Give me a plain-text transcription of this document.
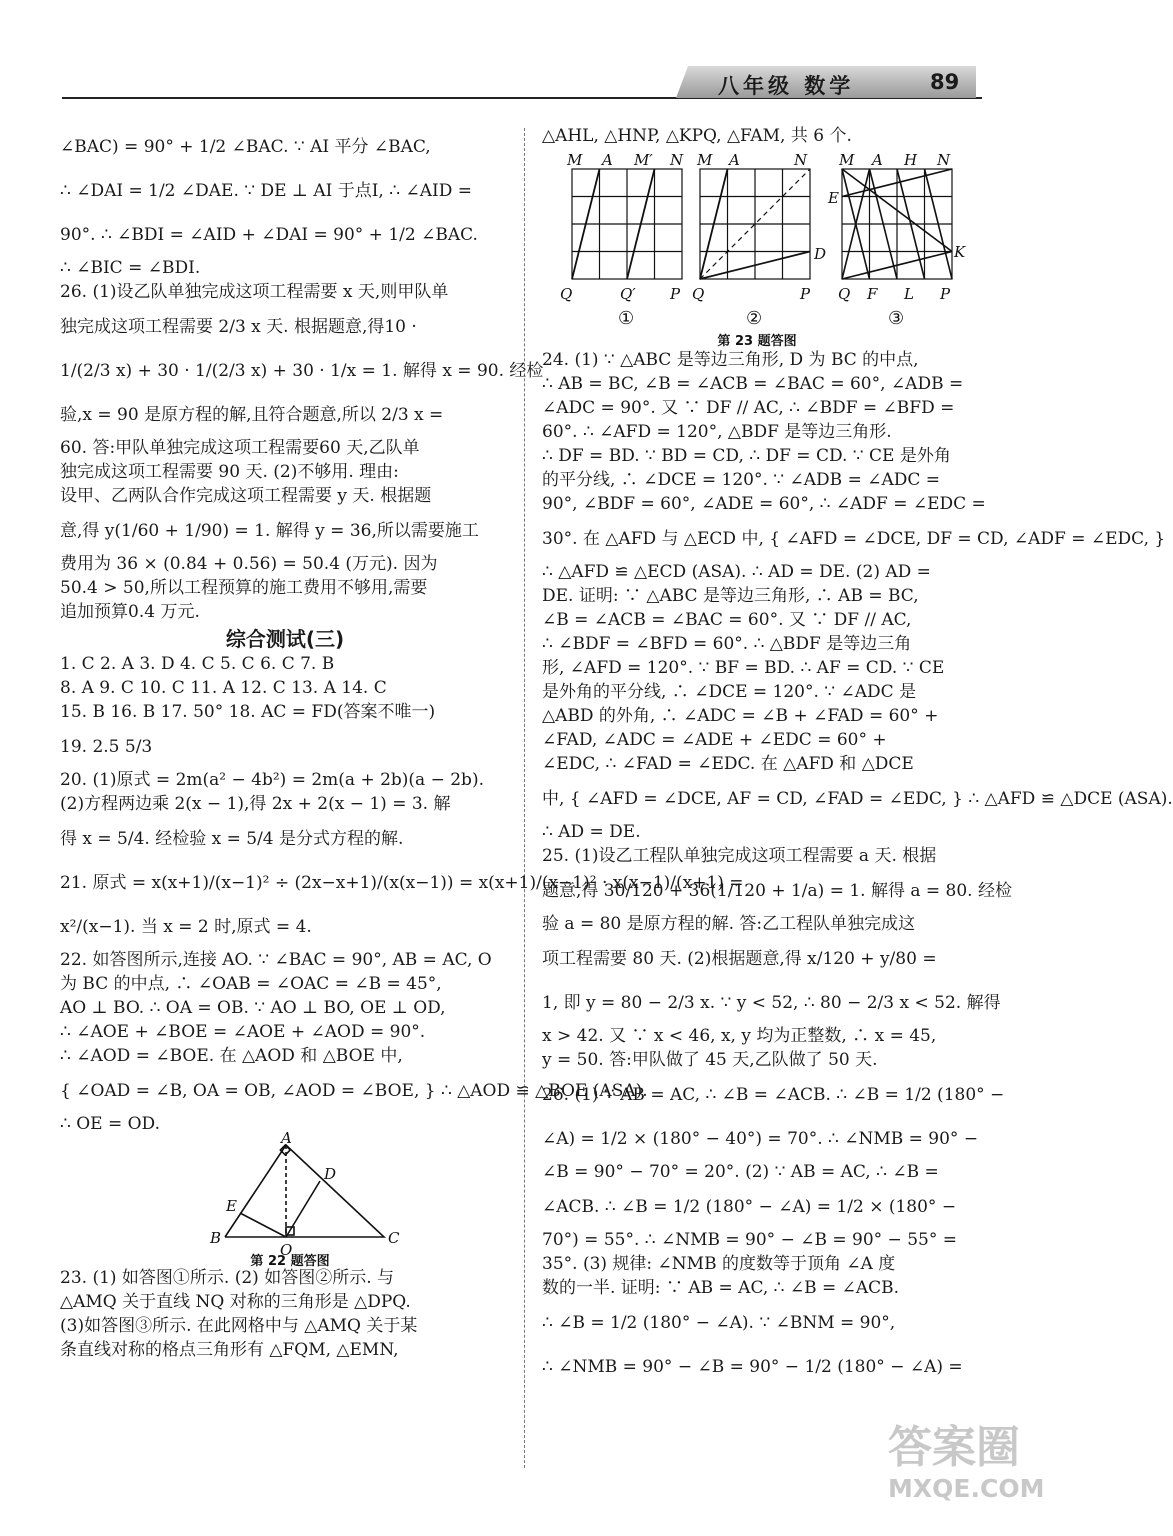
八年级 数学	89
∠BAC) = 90° + 1/2 ∠BAC. ∵ AI 平分 ∠BAC,
∴ ∠DAI = 1/2 ∠DAE. ∵ DE ⊥ AI 于点I, ∴ ∠AID =
90°. ∴ ∠BDI = ∠AID + ∠DAI = 90° + 1/2 ∠BAC.
∴ ∠BIC = ∠BDI.
26. (1)设乙队单独完成这项工程需要 x 天,则甲队单
独完成这项工程需要 2/3 x 天. 根据题意,得10 ·
1/(2/3 x) + 30 · 1/(2/3 x) + 30 · 1/x = 1. 解得 x = 90. 经检
验,x = 90 是原方程的解,且符合题意,所以 2/3 x =
60. 答:甲队单独完成这项工程需要60 天,乙队单
独完成这项工程需要 90 天. (2)不够用. 理由:
设甲、乙两队合作完成这项工程需要 y 天. 根据题
意,得 y(1/60 + 1/90) = 1. 解得 y = 36,所以需要施工
费用为 36 × (0.84 + 0.56) = 50.4 (万元). 因为
50.4 > 50,所以工程预算的施工费用不够用,需要
追加预算0.4 万元.
综合测试(三)
1. C 2. A 3. D 4. C 5. C 6. C 7. B
8. A 9. C 10. C 11. A 12. C 13. A 14. C
15. B 16. B 17. 50° 18. AC = FD(答案不唯一)
19. 2.5 5/3
20. (1)原式 = 2m(a² − 4b²) = 2m(a + 2b)(a − 2b).
(2)方程两边乘 2(x − 1),得 2x + 2(x − 1) = 3. 解
得 x = 5/4. 经检验 x = 5/4 是分式方程的解.
21. 原式 = x(x+1)/(x−1)² ÷ (2x−x+1)/(x(x−1)) = x(x+1)/(x−1)² · x(x−1)/(x+1) =
x²/(x−1). 当 x = 2 时,原式 = 4.
22. 如答图所示,连接 AO. ∵ ∠BAC = 90°, AB = AC, O
为 BC 的中点, ∴ ∠OAB = ∠OAC = ∠B = 45°,
AO ⊥ BO. ∴ OA = OB. ∵ AO ⊥ BO, OE ⊥ OD,
∴ ∠AOE + ∠BOE = ∠AOE + ∠AOD = 90°.
∴ ∠AOD = ∠BOE. 在 △AOD 和 △BOE 中,
{ ∠OAD = ∠B, OA = OB, ∠AOD = ∠BOE, } ∴ △AOD ≌ △BOE (ASA).
∴ OE = OD.
A
B	C
D
E
O
第 22 题答图
23. (1) 如答图①所示. (2) 如答图②所示. 与
△AMQ 关于直线 NQ 对称的三角形是 △DPQ.
(3)如答图③所示. 在此网格中与 △AMQ 关于某
条直线对称的格点三角形有 △FQM, △EMN,
△AHL, △HNP, △KPQ, △FAM, 共 6 个.
M A M′ N
Q	Q′ P
M A	N
Q	P
D
M A H N
Q F L P
E
K
①	②	③
第 23 题答图
24. (1) ∵ △ABC 是等边三角形, D 为 BC 的中点,
∴ AB = BC, ∠B = ∠ACB = ∠BAC = 60°, ∠ADB =
∠ADC = 90°. 又 ∵ DF // AC, ∴ ∠BDF = ∠BFD =
60°. ∴ ∠AFD = 120°, △BDF 是等边三角形.
∴ DF = BD. ∵ BD = CD, ∴ DF = CD. ∵ CE 是外角
的平分线, ∴ ∠DCE = 120°. ∵ ∠ADB = ∠ADC =
90°, ∠BDF = 60°, ∠ADE = 60°, ∴ ∠ADF = ∠EDC =
30°. 在 △AFD 与 △ECD 中, { ∠AFD = ∠DCE, DF = CD, ∠ADF = ∠EDC, }
∴ △AFD ≌ △ECD (ASA). ∴ AD = DE. (2) AD =
DE. 证明: ∵ △ABC 是等边三角形, ∴ AB = BC,
∠B = ∠ACB = ∠BAC = 60°. 又 ∵ DF // AC,
∴ ∠BDF = ∠BFD = 60°. ∴ △BDF 是等边三角
形, ∠AFD = 120°. ∵ BF = BD. ∴ AF = CD. ∵ CE
是外角的平分线, ∴ ∠DCE = 120°. ∵ ∠ADC 是
△ABD 的外角, ∴ ∠ADC = ∠B + ∠FAD = 60° +
∠FAD, ∠ADC = ∠ADE + ∠EDC = 60° +
∠EDC, ∴ ∠FAD = ∠EDC. 在 △AFD 和 △DCE
中, { ∠AFD = ∠DCE, AF = CD, ∠FAD = ∠EDC, } ∴ △AFD ≌ △DCE (ASA).
∴ AD = DE.
25. (1)设乙工程队单独完成这项工程需要 a 天. 根据
题意,得 30/120 + 36(1/120 + 1/a) = 1. 解得 a = 80. 经检
验 a = 80 是原方程的解. 答:乙工程队单独完成这
项工程需要 80 天. (2)根据题意,得 x/120 + y/80 =
1, 即 y = 80 − 2/3 x. ∵ y < 52, ∴ 80 − 2/3 x < 52. 解得
x > 42. 又 ∵ x < 46, x, y 均为正整数, ∴ x = 45,
y = 50. 答:甲队做了 45 天,乙队做了 50 天.
26. (1) ∵ AB = AC, ∴ ∠B = ∠ACB. ∴ ∠B = 1/2 (180° −
∠A) = 1/2 × (180° − 40°) = 70°. ∴ ∠NMB = 90° −
∠B = 90° − 70° = 20°. (2) ∵ AB = AC, ∴ ∠B =
∠ACB. ∴ ∠B = 1/2 (180° − ∠A) = 1/2 × (180° −
70°) = 55°. ∴ ∠NMB = 90° − ∠B = 90° − 55° =
35°. (3) 规律: ∠NMB 的度数等于顶角 ∠A 度
数的一半. 证明: ∵ AB = AC, ∴ ∠B = ∠ACB.
∴ ∠B = 1/2 (180° − ∠A). ∵ ∠BNM = 90°,
∴ ∠NMB = 90° − ∠B = 90° − 1/2 (180° − ∠A) =
答案圈
MXQE.COM
